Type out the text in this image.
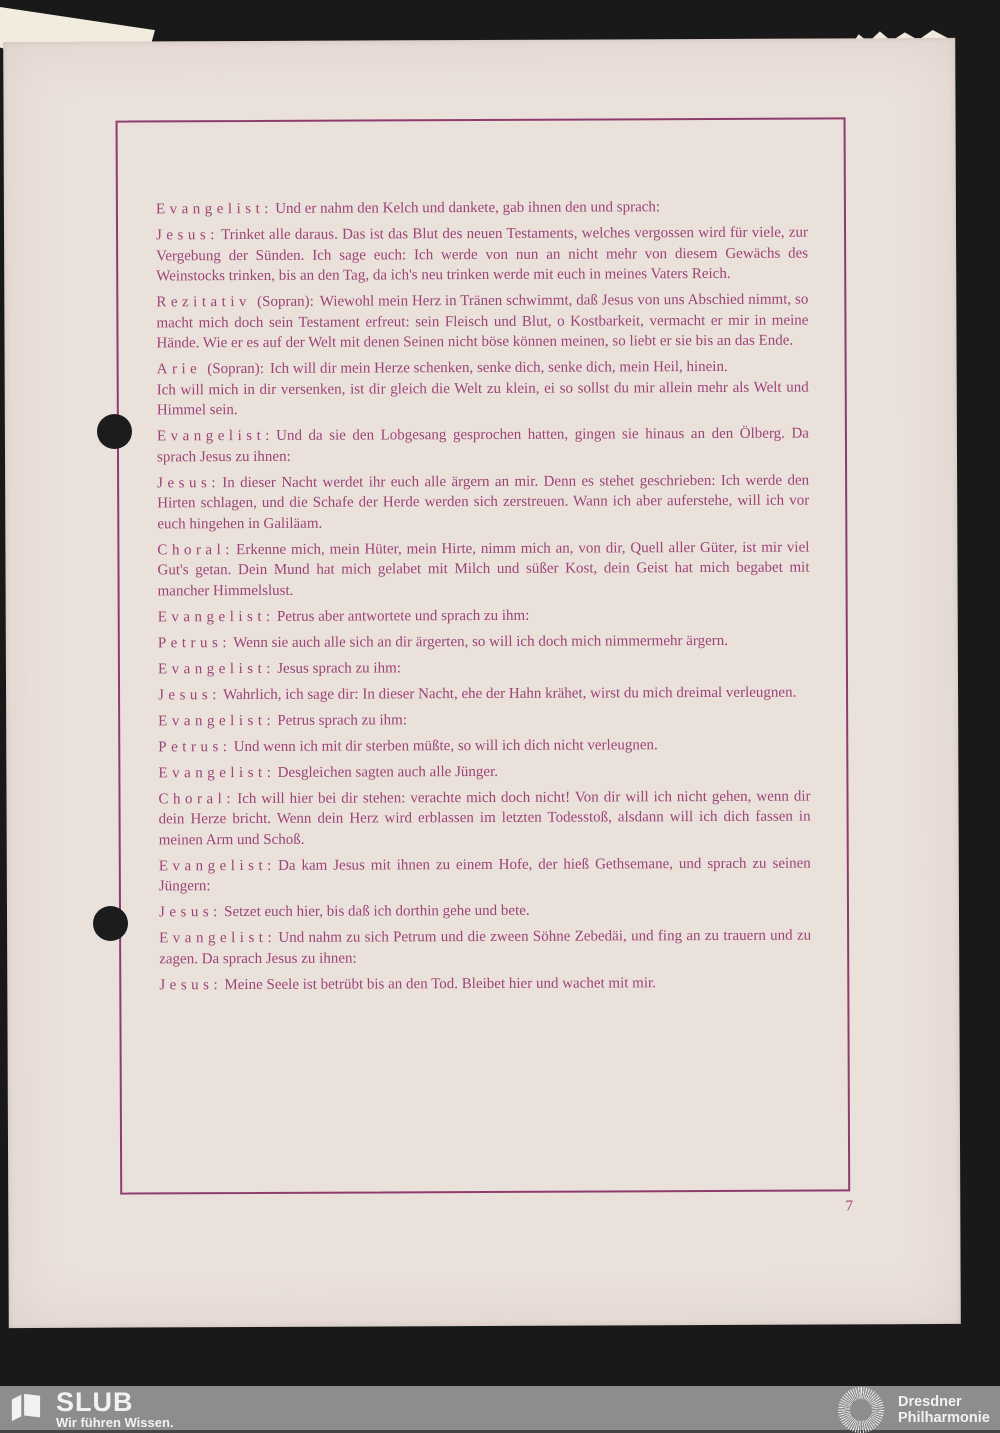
Evangelist: Und er nahm den Kelch und dankete, gab ihnen den und sprach:

Jesus: Trinket alle daraus. Das ist das Blut des neuen Testaments, welches vergossen wird für viele, zur Vergebung der Sünden. Ich sage euch: Ich werde von nun an nicht mehr von diesem Gewächs des Weinstocks trinken, bis an den Tag, da ich's neu trinken werde mit euch in meines Vaters Reich.

Rezitativ (Sopran): Wiewohl mein Herz in Tränen schwimmt, daß Jesus von uns Abschied nimmt, so macht mich doch sein Testament erfreut: sein Fleisch und Blut, o Kostbarkeit, vermacht er mir in meine Hände. Wie er es auf der Welt mit denen Seinen nicht böse können meinen, so liebt er sie bis an das Ende.

Arie (Sopran): Ich will dir mein Herze schenken, senke dich, senke dich, mein Heil, hinein.

Ich will mich in dir versenken, ist dir gleich die Welt zu klein, ei so sollst du mir allein mehr als Welt und Himmel sein.

Evangelist: Und da sie den Lobgesang gesprochen hatten, gingen sie hinaus an den Ölberg. Da sprach Jesus zu ihnen:

Jesus: In dieser Nacht werdet ihr euch alle ärgern an mir. Denn es stehet geschrieben: Ich werde den Hirten schlagen, und die Schafe der Herde werden sich zerstreuen. Wann ich aber auferstehe, will ich vor euch hingehen in Galiläam.

Choral: Erkenne mich, mein Hüter, mein Hirte, nimm mich an, von dir, Quell aller Güter, ist mir viel Gut's getan. Dein Mund hat mich gelabet mit Milch und süßer Kost, dein Geist hat mich begabet mit mancher Himmelslust.

Evangelist: Petrus aber antwortete und sprach zu ihm:

Petrus: Wenn sie auch alle sich an dir ärgerten, so will ich doch mich nimmermehr ärgern.

Evangelist: Jesus sprach zu ihm:

Jesus: Wahrlich, ich sage dir: In dieser Nacht, ehe der Hahn krähet, wirst du mich dreimal verleugnen.

Evangelist: Petrus sprach zu ihm:

Petrus: Und wenn ich mit dir sterben müßte, so will ich dich nicht verleugnen.

Evangelist: Desgleichen sagten auch alle Jünger.

Choral: Ich will hier bei dir stehen: verachte mich doch nicht! Von dir will ich nicht gehen, wenn dir dein Herze bricht. Wenn dein Herz wird erblassen im letzten Todesstoß, alsdann will ich dich fassen in meinen Arm und Schoß.

Evangelist: Da kam Jesus mit ihnen zu einem Hofe, der hieß Gethsemane, und sprach zu seinen Jüngern:

Jesus: Setzet euch hier, bis daß ich dorthin gehe und bete.

Evangelist: Und nahm zu sich Petrum und die zween Söhne Zebedäi, und fing an zu trauern und zu zagen. Da sprach Jesus zu ihnen:

Jesus: Meine Seele ist betrübt bis an den Tod. Bleibet hier und wachet mit mir.

7
SLUB
Wir führen Wissen.
Dresdner
Philharmonie
